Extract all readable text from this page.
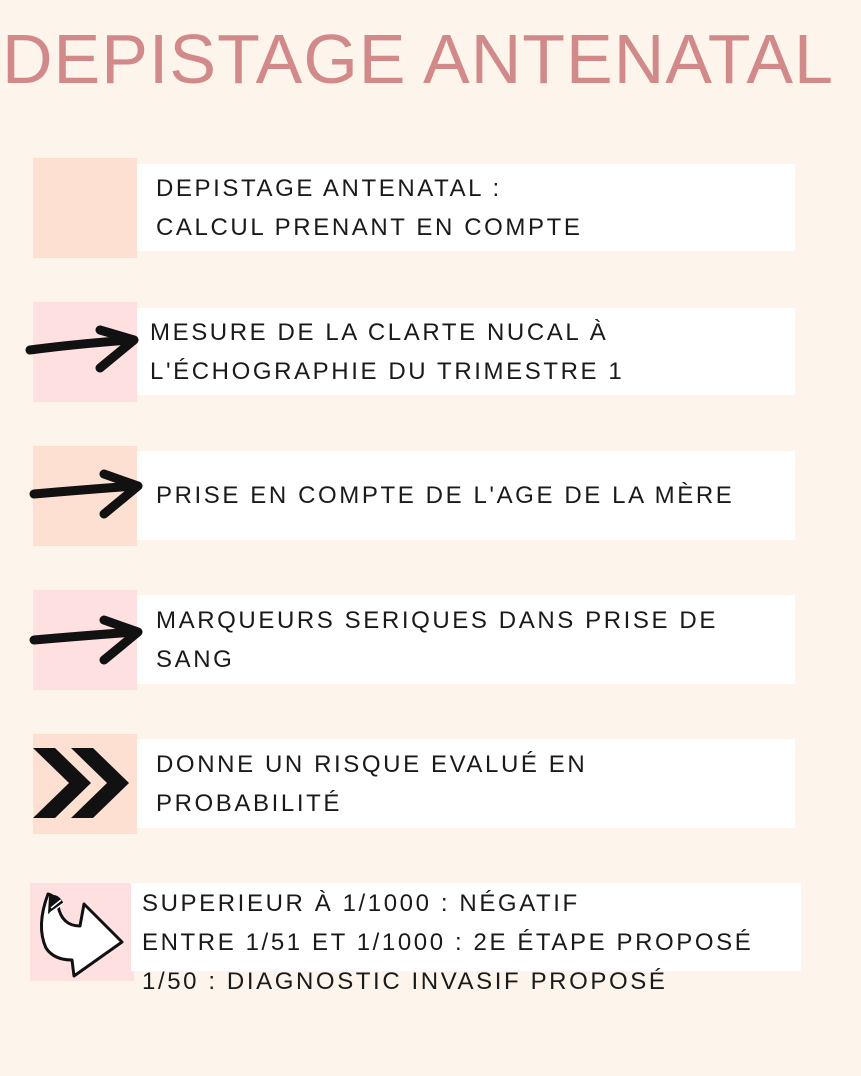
DEPISTAGE ANTENATAL
DEPISTAGE ANTENATAL :
CALCUL PRENANT EN COMPTE
MESURE DE LA CLARTE NUCAL À
L'ÉCHOGRAPHIE DU TRIMESTRE 1
PRISE EN COMPTE DE L'AGE DE LA MÈRE
MARQUEURS SERIQUES DANS PRISE DE
SANG
DONNE UN RISQUE EVALUÉ EN
PROBABILITÉ
SUPERIEUR À 1/1000 : NÉGATIF
ENTRE 1/51 ET 1/1000 : 2E ÉTAPE PROPOSÉ
1/50 : DIAGNOSTIC INVASIF PROPOSÉ
